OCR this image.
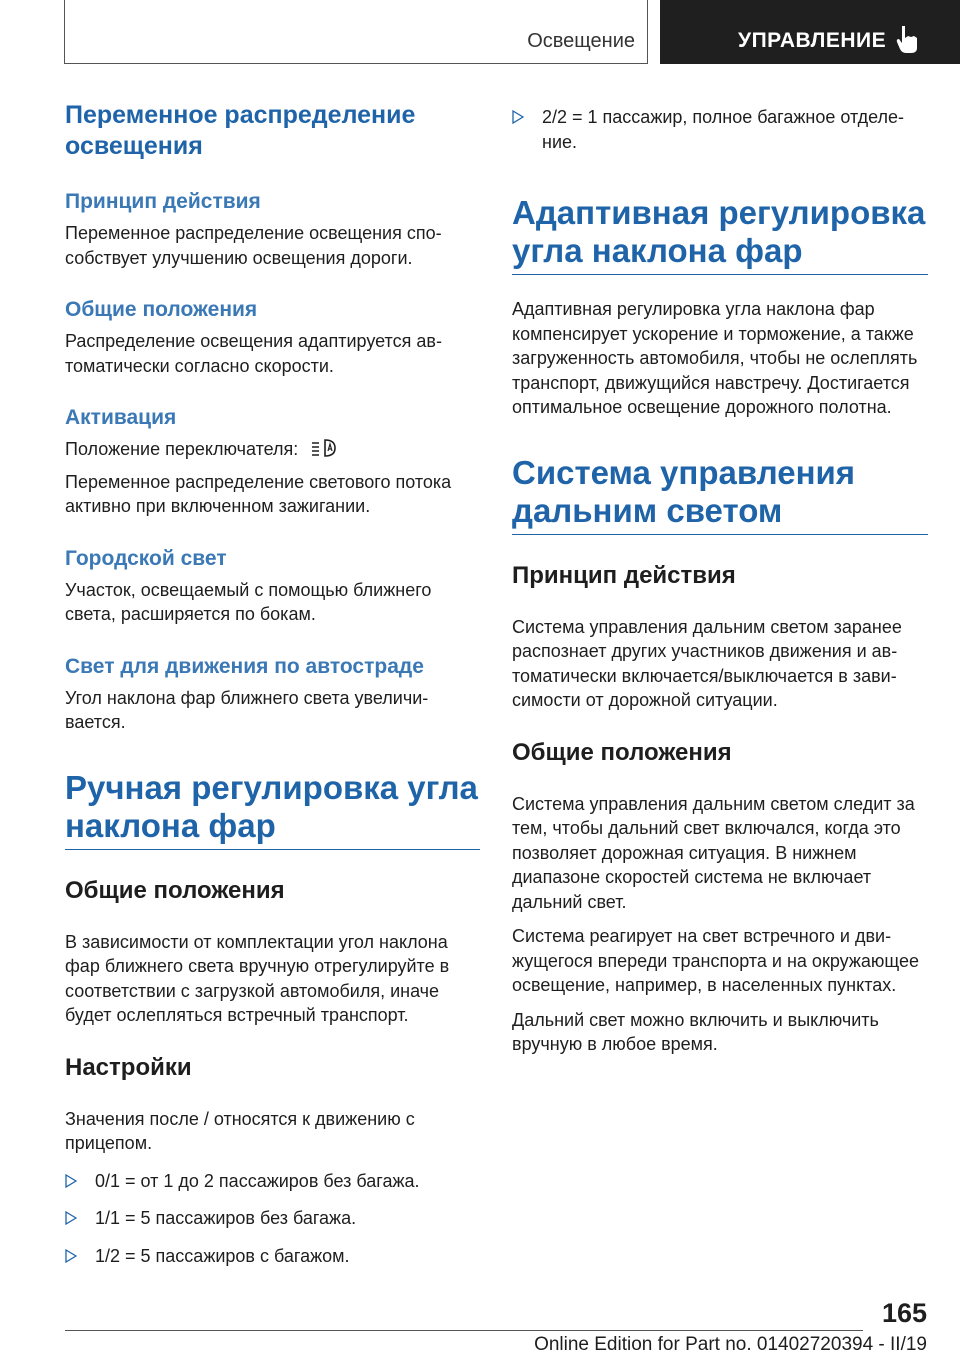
Освещение	УПРАВЛЕНИЕ
Переменное распределение освещения
Принцип действия

Переменное распределение освещения способствует улучшению освещения дороги.

Общие положения

Распределение освещения адаптируется автоматически согласно скорости.

Активация

Положение переключателя:

Переменное распределение светового потока активно при включенном зажигании.

Городской свет

Участок, освещаемый с помощью ближнего света, расширяется по бокам.

Свет для движения по автостраде

Угол наклона фар ближнего света увеличивается.

Ручная регулировка угла наклона фар
Общие положения

В зависимости от комплектации угол наклона фар ближнего света вручную отрегулируйте в соответствии с загрузкой автомобиля, иначе будет ослепляться встречный транспорт.

Настройки

Значения после / относятся к движению с прицепом.

0/1 = от 1 до 2 пассажиров без багажа.
1/1 = 5 пассажиров без багажа.
1/2 = 5 пассажиров с багажом.
2/2 = 1 пассажир, полное багажное отделение.
Адаптивная регулировка угла наклона фар

Адаптивная регулировка угла наклона фар компенсирует ускорение и торможение, а также загруженность автомобиля, чтобы не ослеплять транспорт, движущийся навстречу. Достигается оптимальное освещение дорожного полотна.

Система управления дальним светом
Принцип действия

Система управления дальним светом заранее распознает других участников движения и автоматически включается/выключается в зависимости от дорожной ситуации.

Общие положения

Система управления дальним светом следит за тем, чтобы дальний свет включался, когда это позволяет дорожная ситуация. В нижнем диапазоне скоростей система не включает дальний свет.

Система реагирует на свет встречного и движущегося впереди транспорта и на окружающее освещение, например, в населенных пунктах.

Дальний свет можно включить и выключить вручную в любое время.

165
Online Edition for Part no. 01402720394 - II/19
